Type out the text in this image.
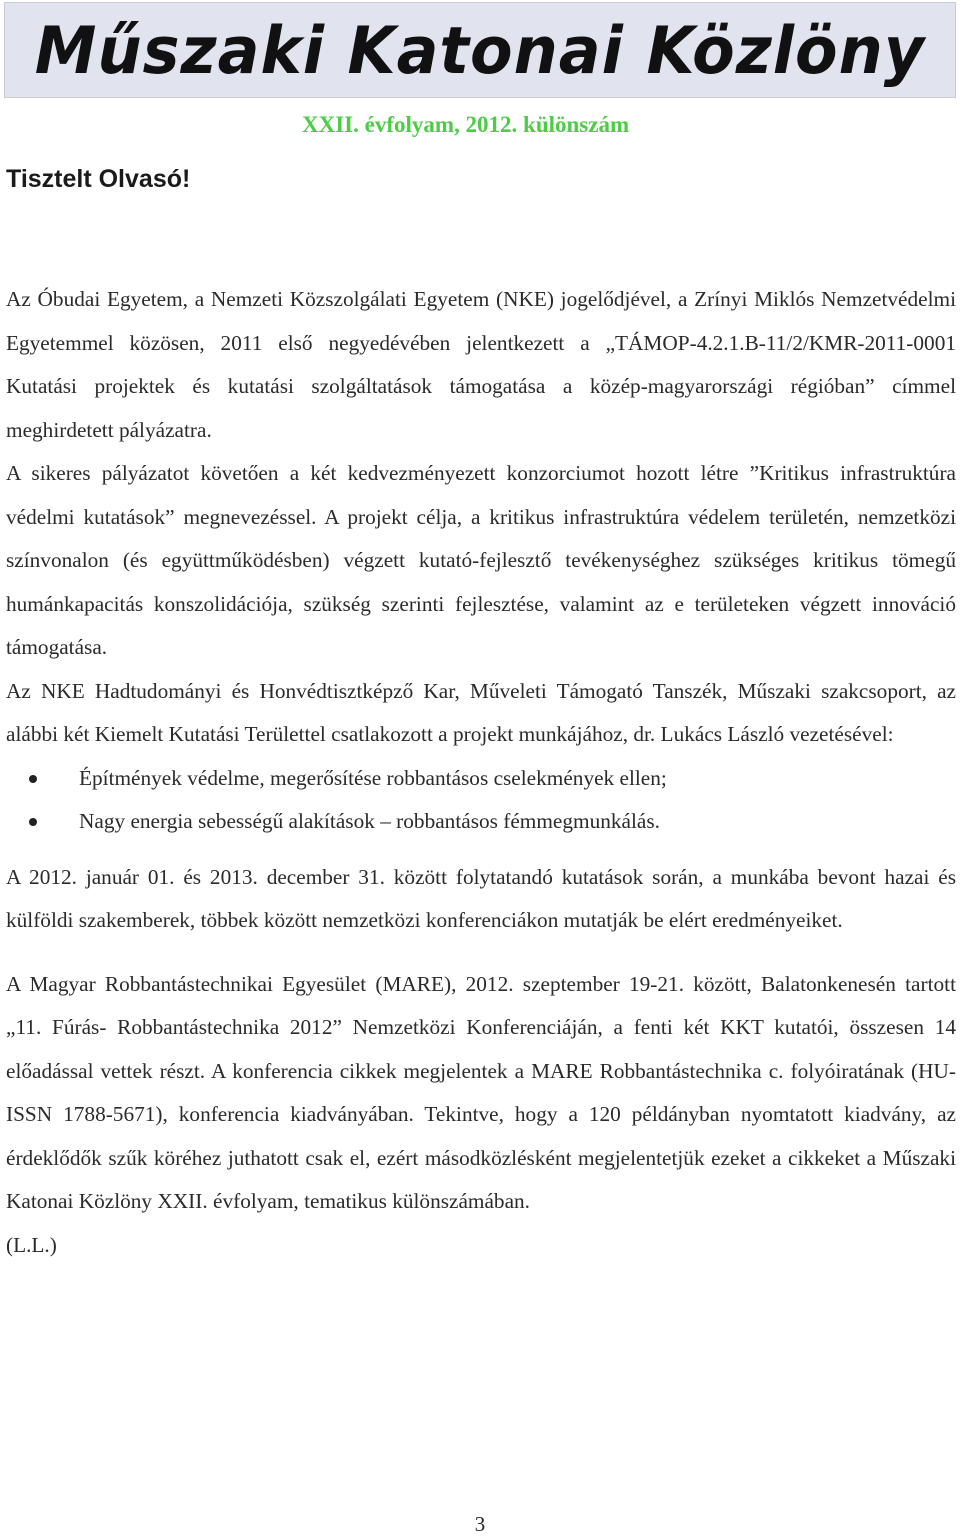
Műszaki Katonai Közlöny
XXII. évfolyam, 2012. különszám
Tisztelt Olvasó!

Az Óbudai Egyetem, a Nemzeti Közszolgálati Egyetem (NKE) jogelődjével, a Zrínyi Miklós Nemzetvédelmi Egyetemmel közösen, 2011 első negyedévében jelentkezett a „TÁMOP-4.2.1.B-11/2/KMR-2011-0001 Kutatási projektek és kutatási szolgáltatások támogatása a közép-magyarországi régióban” címmel meghirdetett pályázatra.

A sikeres pályázatot követően a két kedvezményezett konzorciumot hozott létre ”Kritikus infrastruktúra védelmi kutatások” megnevezéssel. A projekt célja, a kritikus infrastruktúra védelem területén, nemzetközi színvonalon (és együttműködésben) végzett kutató-fejlesztő tevékenységhez szükséges kritikus tömegű humánkapacitás konszolidációja, szükség szerinti fejlesztése, valamint az e területeken végzett innováció támogatása.

Az NKE Hadtudományi és Honvédtisztképző Kar, Műveleti Támogató Tanszék, Műszaki szakcsoport, az alábbi két Kiemelt Kutatási Területtel csatlakozott a projekt munkájához, dr. Lukács László vezetésével:

Építmények védelme, megerősítése robbantásos cselekmények ellen;
Nagy energia sebességű alakítások – robbantásos fémmegmunkálás.

A 2012. január 01. és 2013. december 31. között folytatandó kutatások során, a munkába bevont hazai és külföldi szakemberek, többek között nemzetközi konferenciákon mutatják be elért eredményeiket.

A Magyar Robbantástechnikai Egyesület (MARE), 2012. szeptember 19-21. között, Balatonkenesén tartott „11. Fúrás- Robbantástechnika 2012” Nemzetközi Konferenciáján, a fenti két KKT kutatói, összesen 14 előadással vettek részt. A konferencia cikkek megjelentek a MARE Robbantástechnika c. folyóiratának (HU-ISSN 1788-5671), konferencia kiadványában. Tekintve, hogy a 120 példányban nyomtatott kiadvány, az érdeklődők szűk köréhez juthatott csak el, ezért másodközlésként megjelentetjük ezeket a cikkeket a Műszaki Katonai Közlöny XXII. évfolyam, tematikus különszámában.

(L.L.)

3
